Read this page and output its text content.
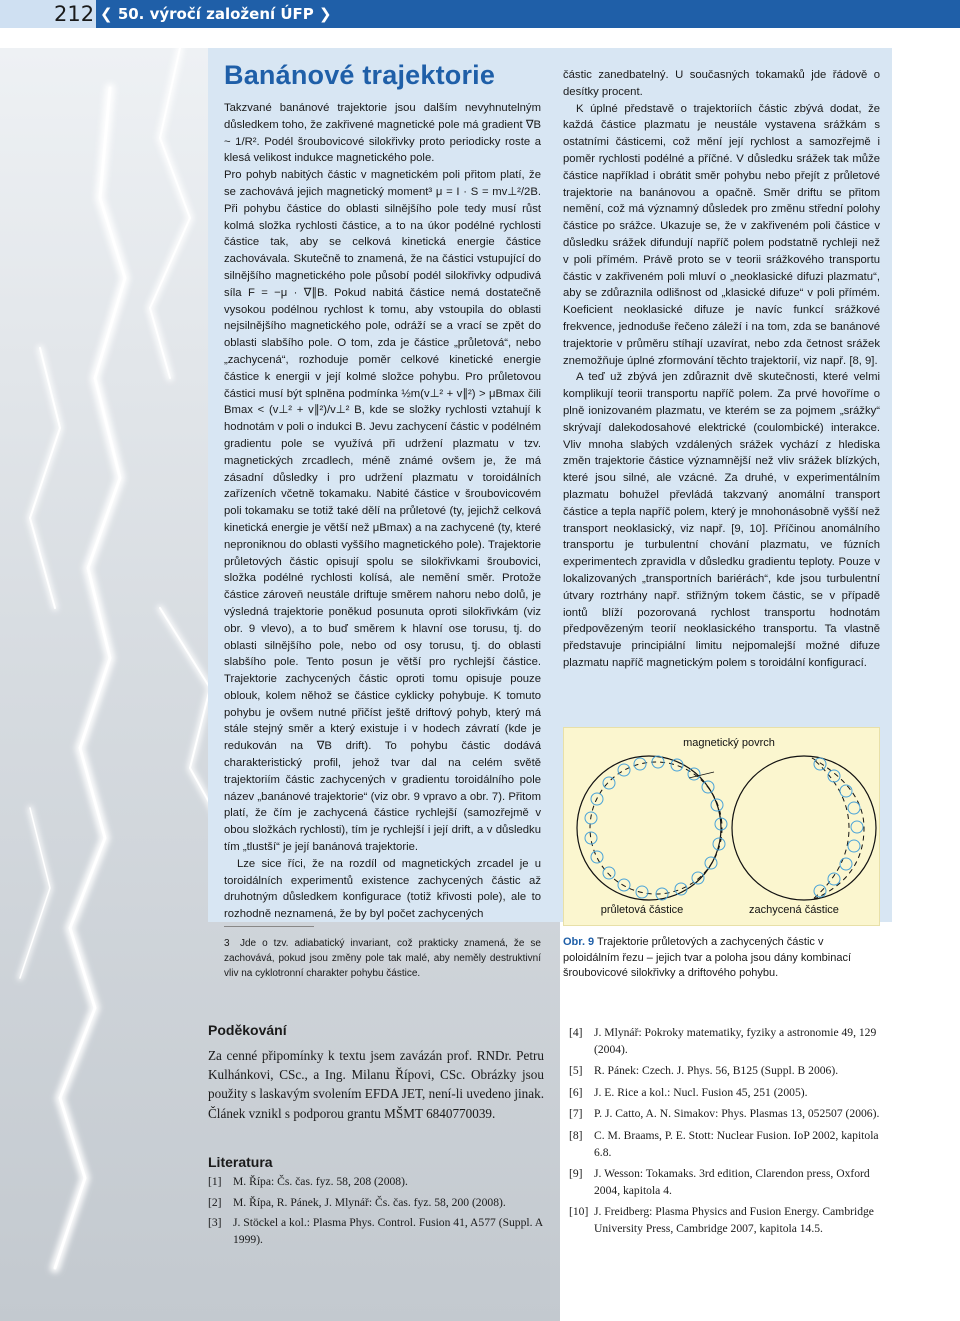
212 ❮ 50. výročí založení ÚFP ❯
Banánové trajektorie

Takzvané banánové trajektorie jsou dalším nevyhnutelným důsledkem toho, že zakřivené magnetické pole má gradient ∇B ~ 1/R². Podél šroubovicové silokřivky proto periodicky roste a klesá velikost indukce magnetického pole.

Pro pohyb nabitých částic v magnetickém poli přitom platí, že se zachovává jejich magnetický moment³ μ = I · S = mv⊥²/2B. Při pohybu částice do oblasti silnějšího pole tedy musí růst kolmá složka rychlosti částice, a to na úkor podélné rychlosti částice tak, aby se celková kinetická energie částice zachovávala. Skutečně to znamená, že na částici vstupující do silnějšího magnetického pole působí podél silokřivky odpudivá síla F = −μ · ∇∥B. Pokud nabitá částice nemá dostatečně vysokou podélnou rychlost k tomu, aby vstoupila do oblasti nejsilnějšího magnetického pole, odráží se a vrací se zpět do oblasti slabšího pole. O tom, zda je částice „průletová“, nebo „zachycená“, rozhoduje poměr celkové kinetické energie částice k energii v její kolmé složce pohybu. Pro průletovou částici musí být splněna podmínka ½m(v⊥² + v∥²) > μBmax čili Bmax < (v⊥² + v∥²)/v⊥² B, kde se složky rychlosti vztahují k hodnotám v poli o indukci B. Jevu zachycení částic v podélném gradientu pole se využívá při udržení plazmatu v tzv. magnetických zrcadlech, méně známé ovšem je, že má zásadní důsledky i pro udržení plazmatu v toroidálních zařízeních včetně tokamaku. Nabité částice v šroubovicovém poli tokamaku se totiž také dělí na průletové (ty, jejichž celková kinetická energie je větší než μBmax) a na zachycené (ty, které neproniknou do oblasti vyššího magnetického pole). Trajektorie průletových částic opisují spolu se silokřivkami šroubovici, složka podélné rychlosti kolísá, ale nemění směr. Protože částice zároveň neustále driftuje směrem nahoru nebo dolů, je výsledná trajektorie poněkud posunuta oproti silokřivkám (viz obr. 9 vlevo), a to buď směrem k hlavní ose torusu, tj. do oblasti silnějšího pole, nebo od osy torusu, tj. do oblasti slabšího pole. Tento posun je větší pro rychlejší částice. Trajektorie zachycených částic oproti tomu opisuje pouze oblouk, kolem něhož se částice cyklicky pohybuje. K tomuto pohybu je ovšem nutné přičíst ještě driftový pohyb, který má stále stejný směr a který existuje i v hodech závratí (kde je redukován na ∇B drift). To pohybu částic dodává charakteristický profil, jehož tvar dal na celém světě trajektoriím částic zachycených v gradientu toroidálního pole název „banánové trajektorie“ (viz obr. 9 vpravo a obr. 7). Přitom platí, že čím je zachycená částice rychlejší (samozřejmě v obou složkách rychlosti), tím je rychlejší i její drift, a v důsledku tím „tlustší“ je její banánová trajektorie.

Lze sice říci, že na rozdíl od magnetických zrcadel je u toroidálních experimentů existence zachycených částic až druhotným důsledkem konfigurace (totiž křivosti pole), ale to rozhodně neznamená, že by byl počet zachycených

částic zanedbatelný. U současných tokamaků jde řádově o desítky procent.

K úplné představě o trajektoriích částic zbývá dodat, že každá částice plazmatu je neustále vystavena srážkám s ostatními částicemi, což mění její rychlost a samozřejmě i poměr rychlosti podélné a příčné. V důsledku srážek tak může částice například i obrátit směr pohybu nebo přejít z průletové trajektorie na banánovou a opačně. Směr driftu se přitom nemění, což má významný důsledek pro změnu střední polohy částice po srážce. Ukazuje se, že v zakřiveném poli částice v důsledku srážek difundují napříč polem podstatně rychleji než v poli přímém. Právě proto se v teorii srážkového transportu částic v zakřiveném poli mluví o „neoklasické difuzi plazmatu“, aby se zdůraznila odlišnost od „klasické difuze“ v poli přímém. Koeficient neoklasické difuze je navíc funkcí srážkové frekvence, jednoduše řečeno záleží i na tom, zda se banánové trajektorie v průměru stíhají uzavírat, nebo zda četnost srážek znemožňuje úplné zformování těchto trajektorií, viz např. [8, 9].

A teď už zbývá jen zdůraznit dvě skutečnosti, které velmi komplikují teorii transportu napříč polem. Za prvé hovoříme o plně ionizovaném plazmatu, ve kterém se za pojmem „srážky“ skrývají dalekodosahové elektrické (coulombické) interakce. Vliv mnoha slabých vzdálených srážek vychází z hlediska změn trajektorie částice významnější než vliv srážek blízkých, které jsou silné, ale vzácné. Za druhé, v experimentálním plazmatu bohužel převládá takzvaný anomální transport částice a tepla napříč polem, který je mnohonásobně vyšší než transport neoklasický, viz např. [9, 10]. Příčinou anomálního transportu je turbulentní chování plazmatu, ve fúzních experimentech zpravidla v důsledku gradientu teploty. Pouze v lokalizovaných „transportních bariérách“, kde jsou turbulentní útvary roztrhány např. střižným tokem částic, se v případě iontů blíží pozorovaná rychlost transportu hodnotám předpovězeným teorií neoklasického transportu. Ta vlastně představuje principiální limitu nejpomalejší možné difuze plazmatu napříč magnetickým polem s toroidální konfigurací.

3 Jde o tzv. adiabatický invariant, což prakticky znamená, že se zachovává, pokud jsou změny pole tak malé, aby neměly destruktivní vliv na cyklotronní charakter pohybu částice.
magnetický povrch
průletová částice	zachycená částice
Obr. 9 Trajektorie průletových a zachycených částic v poloidálním řezu – jejich tvar a poloha jsou dány kombinací šroubovicové silokřivky a driftového pohybu.
Poděkování
Za cenné připomínky k textu jsem zavázán prof. RNDr. Petru Kulhánkovi, CSc., a Ing. Milanu Řípovi, CSc. Obrázky jsou použity s laskavým svolením EFDA JET, není-li uvedeno jinak. Článek vznikl s podporou grantu MŠMT 6840770039.
Literatura
[1] M. Řípa: Čs. čas. fyz. 58, 208 (2008).
[2] M. Řípa, R. Pánek, J. Mlynář: Čs. čas. fyz. 58, 200 (2008).
[3] J. Stöckel a kol.: Plasma Phys. Control. Fusion 41, A577 (Suppl. A 1999).
[4] J. Mlynář: Pokroky matematiky, fyziky a astronomie 49, 129 (2004).
[5] R. Pánek: Czech. J. Phys. 56, B125 (Suppl. B 2006).
[6] J. E. Rice a kol.: Nucl. Fusion 45, 251 (2005).
[7] P. J. Catto, A. N. Simakov: Phys. Plasmas 13, 052507 (2006).
[8] C. M. Braams, P. E. Stott: Nuclear Fusion. IoP 2002, kapitola 6.8.
[9] J. Wesson: Tokamaks. 3rd edition, Clarendon press, Oxford 2004, kapitola 4.
[10] J. Freidberg: Plasma Physics and Fusion Energy. Cambridge University Press, Cambridge 2007, kapitola 14.5.
